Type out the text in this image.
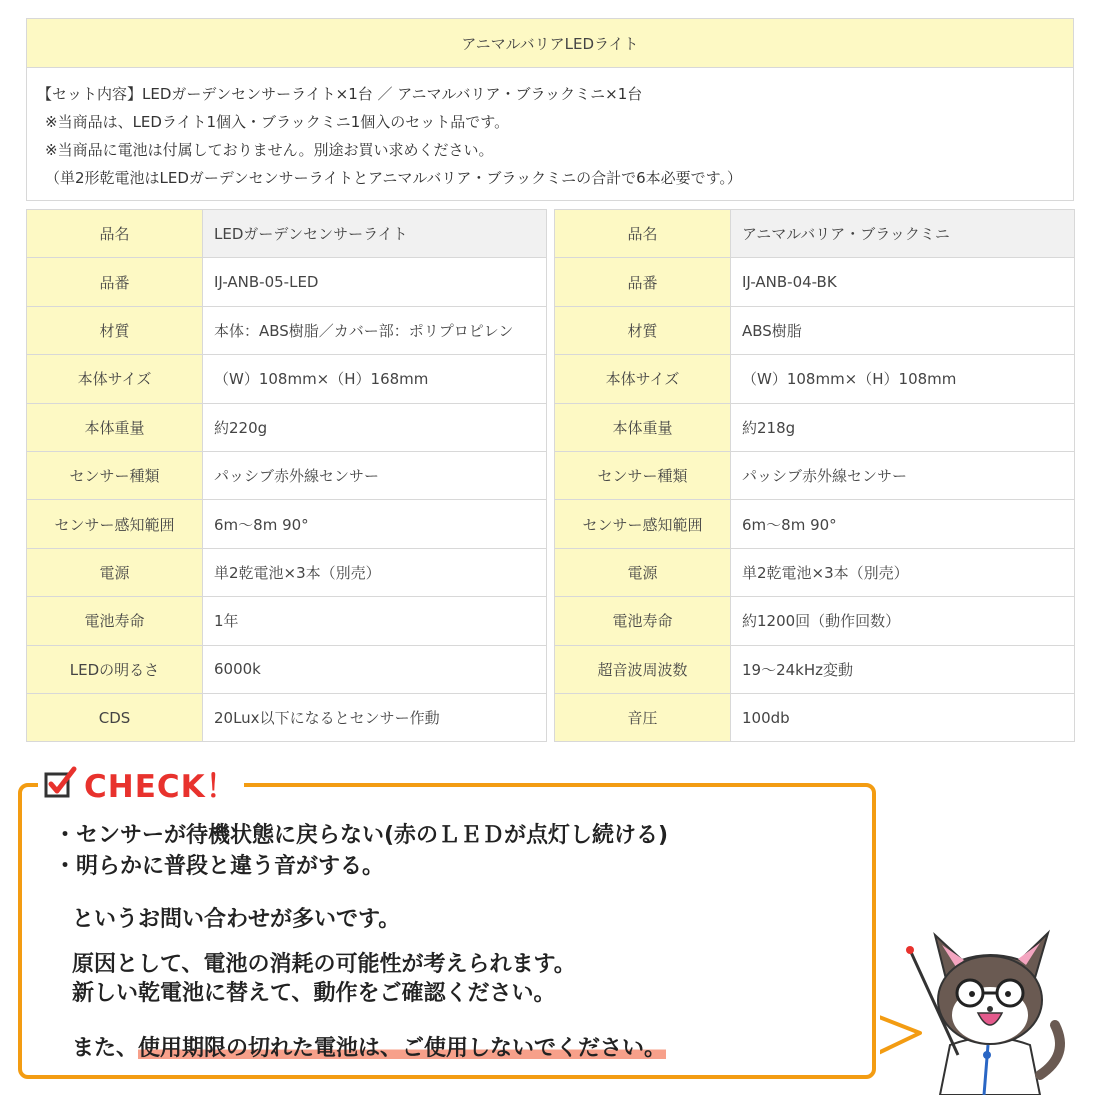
アニマルバリアLEDライト
【セット内容】LEDガーデンセンサーライト×1台 ／ アニマルバリア・ブラックミニ×1台
※当商品は、LEDライト1個入・ブラックミニ1個入のセット品です。
※当商品に電池は付属しておりません。別途お買い求めください。
（単2形乾電池はLEDガーデンセンサーライトとアニマルバリア・ブラックミニの合計で6本必要です。）
品名	LEDガーデンセンサーライト
品番	IJ-ANB-05-LED
材質	本体：ABS樹脂／カバー部：ポリプロピレン
本体サイズ	（W）108mm×（H）168mm
本体重量	約220g
センサー種類	パッシブ赤外線センサー
センサー感知範囲	6m～8m 90°
電源	単2乾電池×3本（別売）
電池寿命	1年
LEDの明るさ	6000k
CDS	20Lux以下になるとセンサー作動
品名	アニマルバリア・ブラックミニ
品番	IJ-ANB-04-BK
材質	ABS樹脂
本体サイズ	（W）108mm×（H）108mm
本体重量	約218g
センサー種類	パッシブ赤外線センサー
センサー感知範囲	6m～8m 90°
電源	単2乾電池×3本（別売）
電池寿命	約1200回（動作回数）
超音波周波数	19～24kHz変動
音圧	100db
CHECK！
・センサーが待機状態に戻らない(赤のＬＥＤが点灯し続ける)
・明らかに普段と違う音がする。
というお問い合わせが多いです。
原因として、電池の消耗の可能性が考えられます。
新しい乾電池に替えて、動作をご確認ください。
また、使用期限の切れた電池は、ご使用しないでください。
